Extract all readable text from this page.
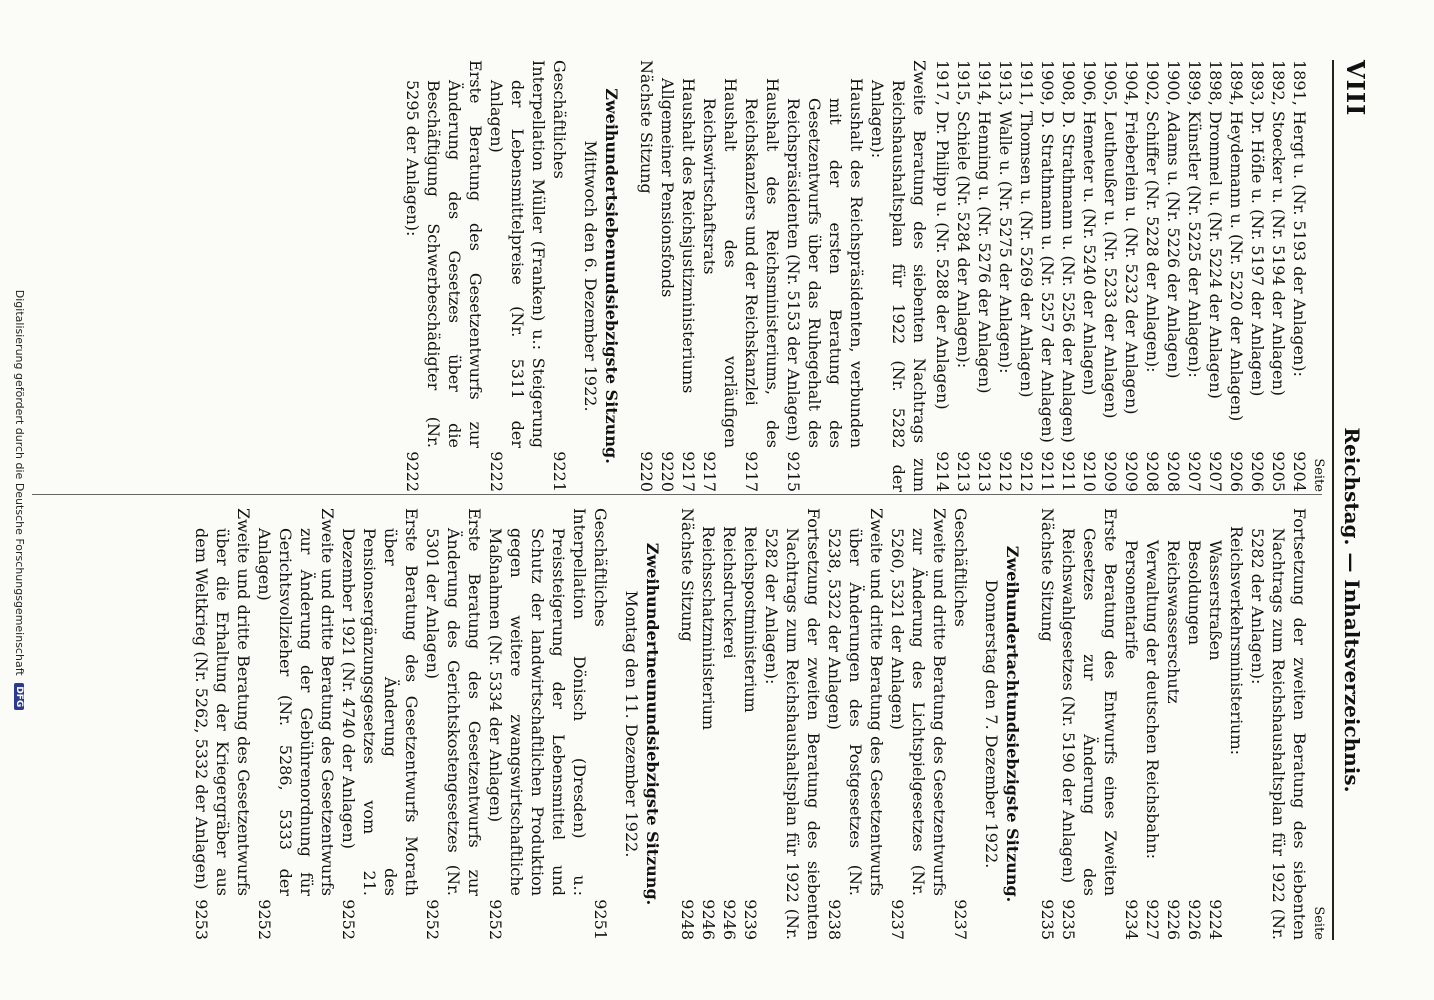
VIII
Reichstag. — Inhaltsverzeichnis.
Seite
1891, Hergt u. (Nr. 5193 der Anlagen):
9204
1892, Stoecker u. (Nr. 5194 der Anlagen)
9205
1893, Dr. Höfle u. (Nr. 5197 der Anlagen)
9206
1894, Heydemann u. (Nr. 5220 der Anlagen)
9206
1898, Drommel u. (Nr. 5224 der Anlagen)
9207
1899, Künstler (Nr. 5225 der Anlagen):
9207
1900, Adams u. (Nr. 5226 der Anlagen)
9208
1902, Schiffer (Nr. 5228 der Anlagen):
9208
1904, Frieberlein u. (Nr. 5232 der Anlagen)
9209
1905, Leutheußer u. (Nr. 5233 der Anlagen)
9209
1906, Hemeter u. (Nr. 5240 der Anlagen)
9210
1908, D. Strathmann u. (Nr. 5256 der Anlagen)
9211
1909, D. Strathmann u. (Nr. 5257 der Anlagen)
9211
1911, Thomsen u. (Nr. 5269 der Anlagen)
9212
1913, Walle u. (Nr. 5275 der Anlagen):
9212
1914, Henning u. (Nr. 5276 der Anlagen)
9213
1915, Schiele (Nr. 5284 der Anlagen):
9213
1917, Dr. Philipp u. (Nr. 5288 der Anlagen)
9214
Zweite Beratung des siebenten Nachtrags zum Reichshaushaltsplan für 1922 (Nr. 5282 der Anlagen):
Haushalt des Reichspräsidenten, verbunden mit der ersten Beratung des Gesetzentwurfs über das Ruhegehalt des Reichspräsidenten (Nr. 5153 der Anlagen)
9215
Haushalt des Reichsministeriums, des Reichskanzlers und der Reichskanzlei
9217
Haushalt des vorläufigen Reichswirtschaftsrats
9217
Haushalt des Reichsjustizministeriums
9217
Allgemeiner Pensionsfonds
9220
Nächste Sitzung
9220
Zweihundertsiebenundsiebzigste Sitzung.
Mittwoch den 6. Dezember 1922.
Geschäftliches
9221
Interpellation Müller (Franken) u.: Steigerung der Lebensmittelpreise (Nr. 5311 der Anlagen)
9222
Erste Beratung des Gesetzentwurfs zur Änderung des Gesetzes über die Beschäftigung Schwerbeschädigter (Nr. 5295 der Anlagen):
9222
Seite
Fortsetzung der zweiten Beratung des siebenten Nachtrags zum Reichshaushaltsplan für 1922 (Nr. 5282 der Anlagen):
Reichsverkehrsministerium:
Wasserstraßen
9224
Besoldungen
9226
Reichswasserschutz
9226
Verwaltung der deutschen Reichsbahn:
9227
Personentarife
9234
Erste Beratung des Entwurfs eines Zweiten Gesetzes zur Änderung des Reichswahlgesetzes (Nr. 5190 der Anlagen)
9235
Nächste Sitzung
9235
Zweihundertachtundsiebzigste Sitzung.
Donnerstag den 7. Dezember 1922.
Geschäftliches
9237
Zweite und dritte Beratung des Gesetzentwurfs zur Änderung des Lichtspielgesetzes (Nr. 5260, 5321 der Anlagen)
9237
Zweite und dritte Beratung des Gesetzentwurfs über Änderungen des Postgesetzes (Nr. 5238, 5322 der Anlagen)
9238
Fortsetzung der zweiten Beratung des siebenten Nachtrags zum Reichshaushaltsplan für 1922 (Nr. 5282 der Anlagen):
Reichspostministerium
9239
Reichsdruckerei
9246
Reichsschatzministerium
9246
Nächste Sitzung
9248
Zweihundertneunundsiebzigste Sitzung.
Montag den 11. Dezember 1922.
Geschäftliches
9251
Interpellation Dönisch (Dresden) u.: Preissteigerung der Lebensmittel und Schutz der landwirtschaftlichen Produktion gegen weitere zwangswirtschaftliche Maßnahmen (Nr. 5334 der Anlagen)
9252
Erste Beratung des Gesetzentwurfs zur Änderung des Gerichtskostengesetzes (Nr. 5301 der Anlagen)
9252
Erste Beratung des Gesetzentwurfs Morath über Änderung des Pensionsergänzungsgesetzes vom 21. Dezember 1921 (Nr. 4740 der Anlagen)
9252
Zweite und dritte Beratung des Gesetzentwurfs zur Änderung der Gebührenordnung für Gerichtsvollzieher (Nr. 5286, 5333 der Anlagen)
9252
Zweite und dritte Beratung des Gesetzentwurfs über die Erhaltung der Kriegergräber aus dem Weltkrieg (Nr. 5262, 5332 der Anlagen)
9253
Digitalisierung gefördert durch die Deutsche Forschungsgemeinschaft DFG
